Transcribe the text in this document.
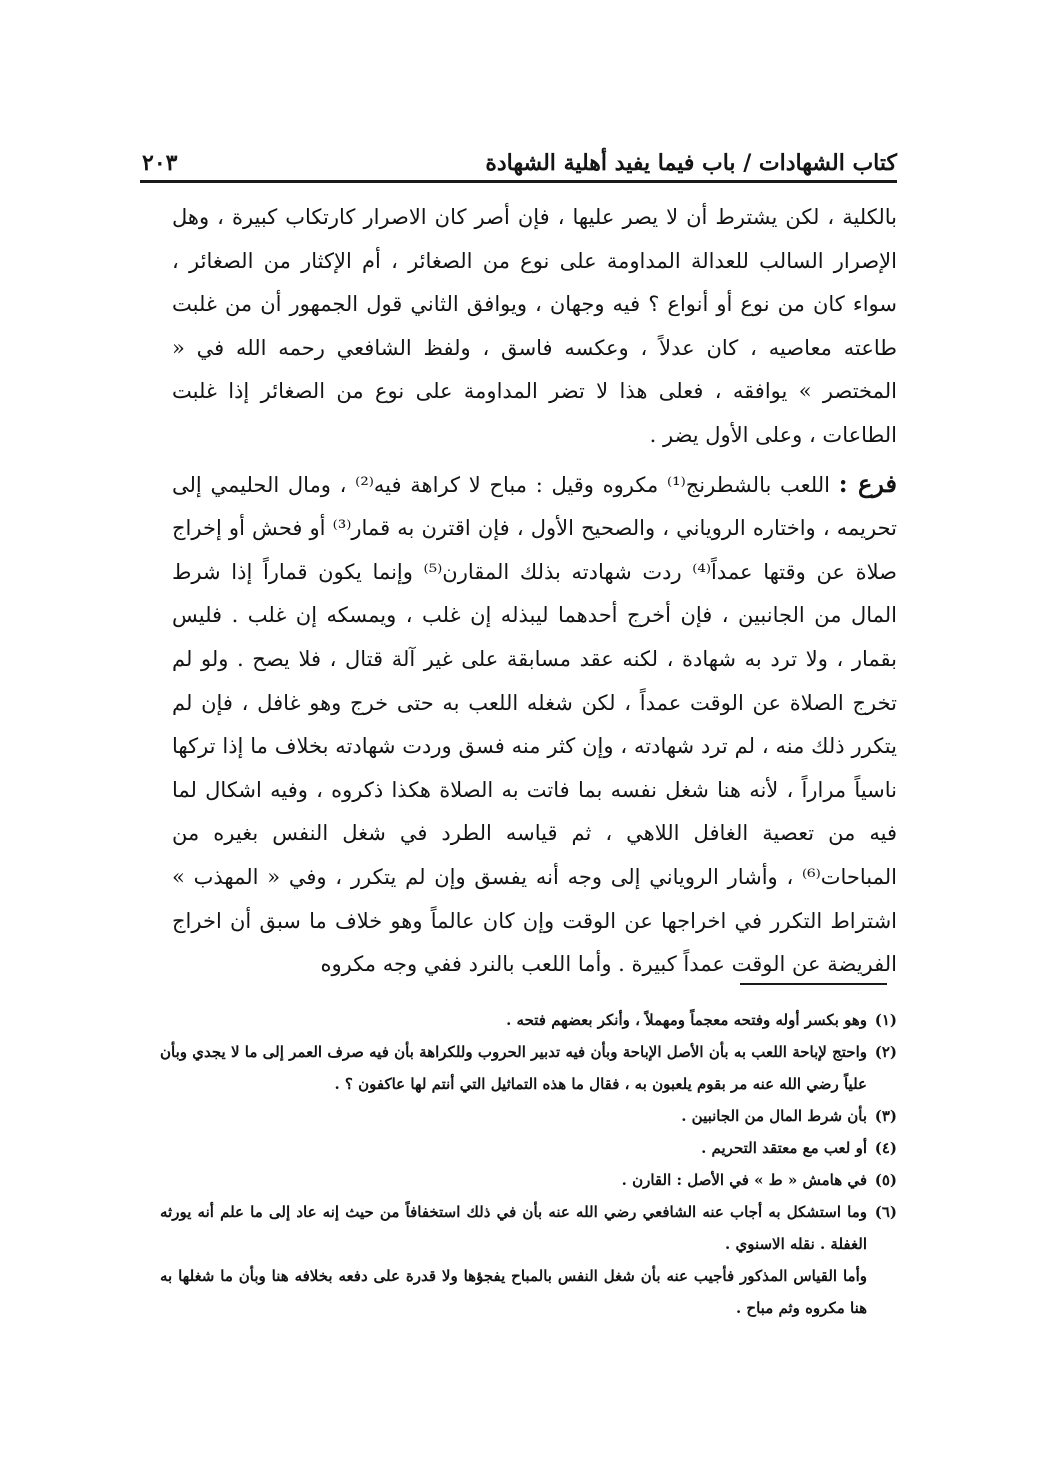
كتاب الشهادات / باب فيما يفيد أهلية الشهادة
٢٠٣

بالكلية ، لكن يشترط أن لا يصر عليها ، فإن أصر كان الاصرار كارتكاب كبيرة ، وهل الإصرار السالب للعدالة المداومة على نوع من الصغائر ، أم الإكثار من الصغائر ، سواء كان من نوع أو أنواع ؟ فيه وجهان ، ويوافق الثاني قول الجمهور أن من غلبت طاعته معاصيه ، كان عدلاً ، وعكسه فاسق ، ولفظ الشافعي رحمه الله في « المختصر » يوافقه ، فعلى هذا لا تضر المداومة على نوع من الصغائر إذا غلبت الطاعات ، وعلى الأول يضر .

فرع : اللعب بالشطرنج⁽¹⁾ مكروه وقيل : مباح لا كراهة فيه⁽²⁾ ، ومال الحليمي إلى تحريمه ، واختاره الروياني ، والصحيح الأول ، فإن اقترن به قمار⁽³⁾ أو فحش أو إخراج صلاة عن وقتها عمداً⁽⁴⁾ ردت شهادته بذلك المقارن⁽⁵⁾ وإنما يكون قماراً إذا شرط المال من الجانبين ، فإن أخرج أحدهما ليبذله إن غلب ، ويمسكه إن غلب . فليس بقمار ، ولا ترد به شهادة ، لكنه عقد مسابقة على غير آلة قتال ، فلا يصح . ولو لم تخرج الصلاة عن الوقت عمداً ، لكن شغله اللعب به حتى خرج وهو غافل ، فإن لم يتكرر ذلك منه ، لم ترد شهادته ، وإن كثر منه فسق وردت شهادته بخلاف ما إذا تركها ناسياً مراراً ، لأنه هنا شغل نفسه بما فاتت به الصلاة هكذا ذكروه ، وفيه اشكال لما فيه من تعصية الغافل اللاهي ، ثم قياسه الطرد في شغل النفس بغيره من المباحات⁽⁶⁾ ، وأشار الروياني إلى وجه أنه يفسق وإن لم يتكرر ، وفي « المهذب » اشتراط التكرر في اخراجها عن الوقت وإن كان عالماً وهو خلاف ما سبق أن اخراج الفريضة عن الوقت عمداً كبيرة . وأما اللعب بالنرد ففي وجه مكروه

(١)
وهو بكسر أوله وفتحه معجماً ومهملاً ، وأنكر بعضهم فتحه .
(٢)
واحتج لإباحة اللعب به بأن الأصل الإباحة وبأن فيه تدبير الحروب وللكراهة بأن فيه صرف العمر إلى ما لا يجدي وبأن علياً رضي الله عنه مر بقوم يلعبون به ، فقال ما هذه التماثيل التي أنتم لها عاكفون ؟ .
(٣)
بأن شرط المال من الجانبين .
(٤)
أو لعب مع معتقد التحريم .
(٥)
في هامش « ط » في الأصل : القارن .
(٦)
وما استشكل به أجاب عنه الشافعي رضي الله عنه بأن في ذلك استخفافاً من حيث إنه عاد إلى ما علم أنه يورثه الغفلة . نقله الاسنوي .
وأما القياس المذكور فأجيب عنه بأن شغل النفس بالمباح يفجؤها ولا قدرة على دفعه بخلافه هنا وبأن ما شغلها به هنا مكروه وثم مباح .
